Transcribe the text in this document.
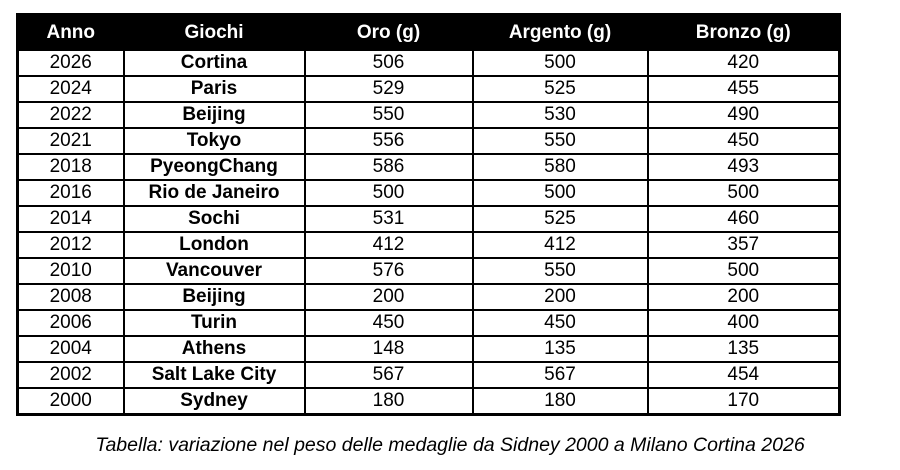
Anno	Giochi	Oro (g)	Argento (g)	Bronzo (g)
2026	Cortina	506	500	420
2024	Paris	529	525	455
2022	Beijing	550	530	490
2021	Tokyo	556	550	450
2018	PyeongChang	586	580	493
2016	Rio de Janeiro	500	500	500
2014	Sochi	531	525	460
2012	London	412	412	357
2010	Vancouver	576	550	500
2008	Beijing	200	200	200
2006	Turin	450	450	400
2004	Athens	148	135	135
2002	Salt Lake City	567	567	454
2000	Sydney	180	180	170
Tabella: variazione nel peso delle medaglie da Sidney 2000 a Milano Cortina 2026
